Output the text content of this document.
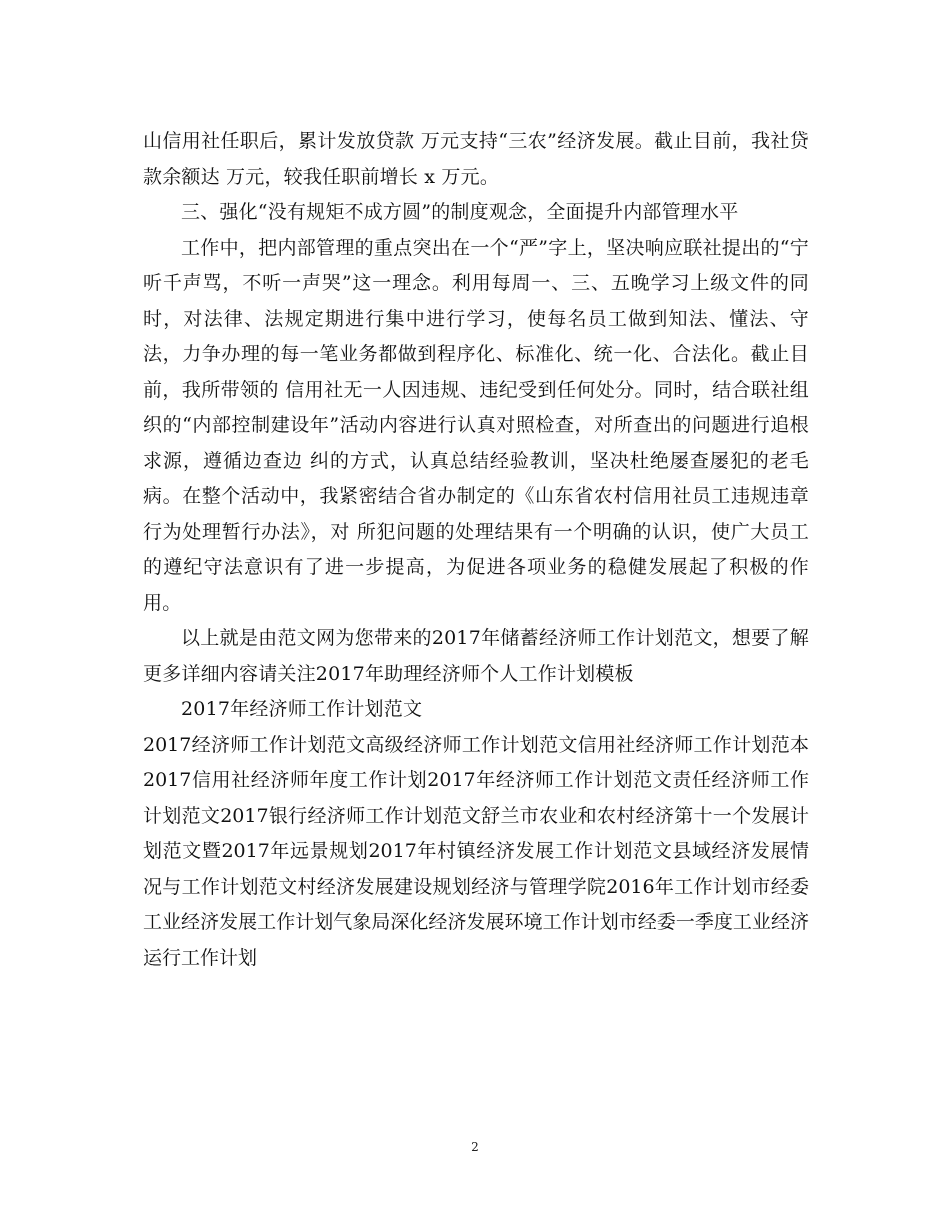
山信用社任职后，累计发放贷款 万元支持“三农”经济发展。截止目前，我社贷款余额达 万元，较我任职前增长 x 万元。

三、强化“没有规矩不成方圆”的制度观念，全面提升内部管理水平

工作中，把内部管理的重点突出在一个“严”字上，坚决响应联社提出的“宁听千声骂，不听一声哭”这一理念。利用每周一、三、五晚学习上级文件的同时，对法律、法规定期进行集中进行学习，使每名员工做到知法、懂法、守法，力争办理的每一笔业务都做到程序化、标准化、统一化、合法化。截止目前，我所带领的 信用社无一人因违规、违纪受到任何处分。同时，结合联社组织的“内部控制建设年”活动内容进行认真对照检查，对所查出的问题进行追根求源，遵循边查边 纠的方式，认真总结经验教训，坚决杜绝屡查屡犯的老毛病。在整个活动中，我紧密结合省办制定的《山东省农村信用社员工违规违章行为处理暂行办法》，对 所犯问题的处理结果有一个明确的认识，使广大员工的遵纪守法意识有了进一步提高，为促进各项业务的稳健发展起了积极的作用。

以上就是由范文网为您带来的2017年储蓄经济师工作计划范文，想要了解更多详细内容请关注2017年助理经济师个人工作计划模板

2017年经济师工作计划范文

2017经济师工作计划范文高级经济师工作计划范文信用社经济师工作计划范本2017信用社经济师年度工作计划2017年经济师工作计划范文责任经济师工作计划范文2017银行经济师工作计划范文舒兰市农业和农村经济第十一个发展计划范文暨2017年远景规划2017年村镇经济发展工作计划范文县域经济发展情况与工作计划范文村经济发展建设规划经济与管理学院2016年工作计划市经委工业经济发展工作计划气象局深化经济发展环境工作计划市经委一季度工业经济运行工作计划

2
